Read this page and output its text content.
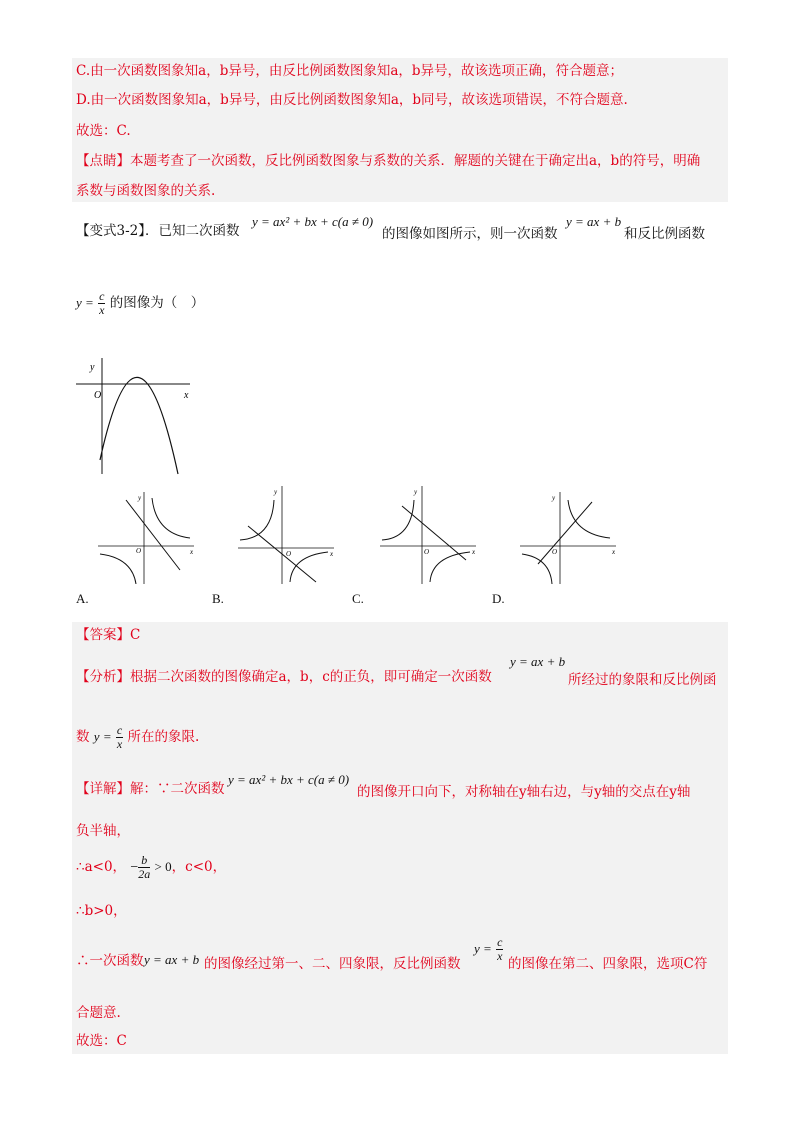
C.由一次函数图象知a，b异号，由反比例函数图象知a，b异号，故该选项正确，符合题意；
D.由一次函数图象知a，b异号，由反比例函数图象知a，b同号，故该选项错误，不符合题意.
故选：C.
【点睛】本题考查了一次函数，反比例函数图象与系数的关系．解题的关键在于确定出a，b的符号，明确
系数与函数图象的关系.
【变式3-2】．已知二次函数
y = ax² + bx + c(a ≠ 0)
的图像如图所示，则一次函数
y = ax + b
和反比例函数
$y = \frac{c}{x}$ 的图像为（　）
y
x
O
y
x
O
y
x
O
y
x
O
y
x
O
A.	B.	C.	D.
【答案】C
【分析】根据二次函数的图像确定a，b，c的正负，即可确定一次函数
y = ax + b
所经过的象限和反比例函
数 $y = \frac{c}{x}$ 所在的象限.
【详解】解：∵二次函数
y = ax² + bx + c(a ≠ 0)
的图像开口向下，对称轴在y轴右边，与y轴的交点在y轴
负半轴，
∴a<0， − $\frac{b}{2a} > 0$，c<0，
∴b>0，
∴一次函数 y = ax + b 的图像经过第一、二、四象限，反比例函数
$y = \frac{c}{x}$
的图像在第二、四象限，选项C符
合题意.
故选：C
